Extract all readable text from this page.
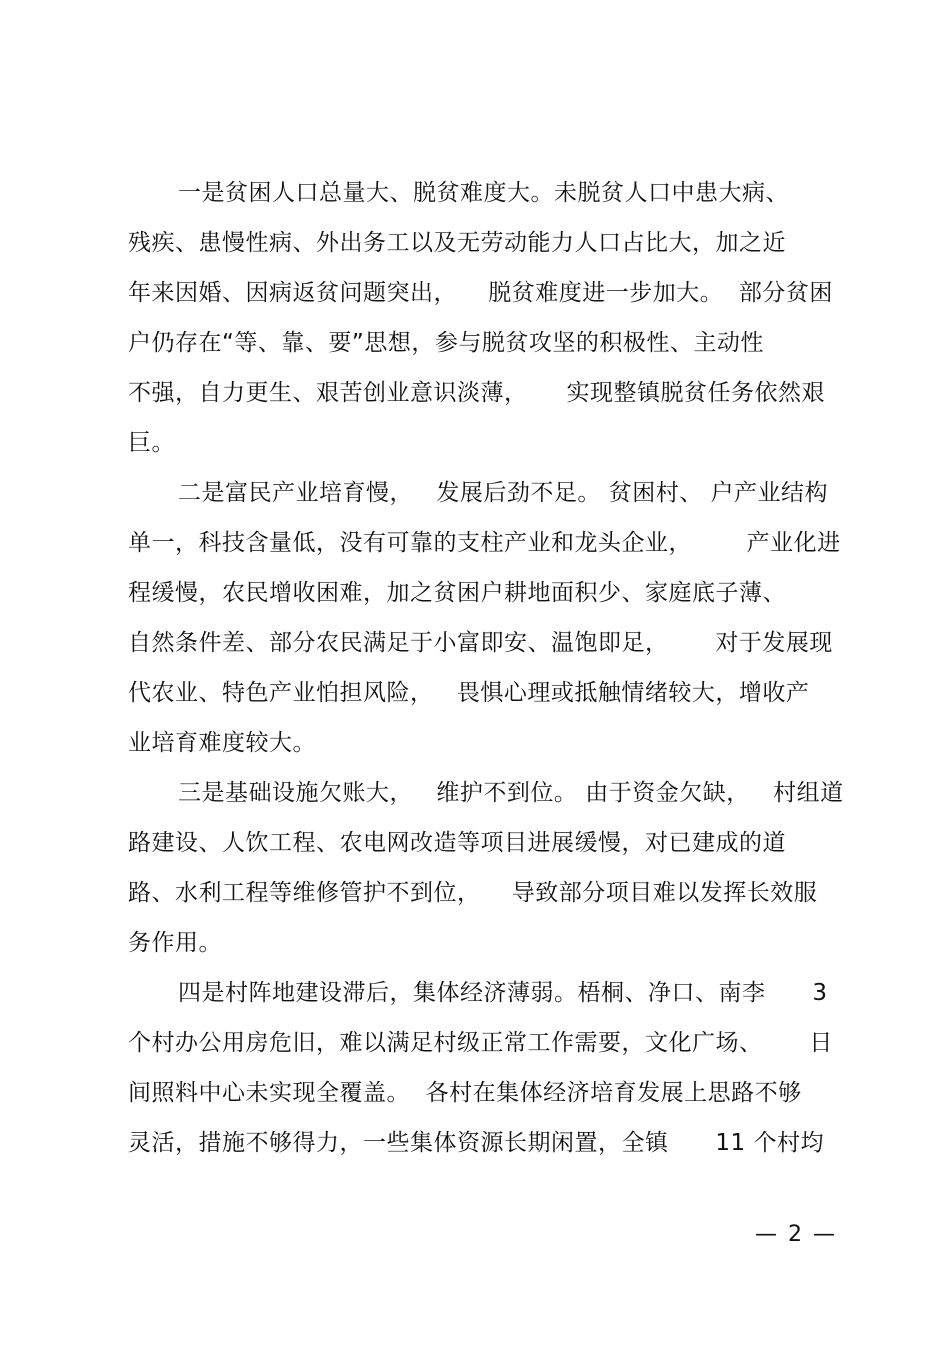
一是贫困人口总量大、脱贫难度大。未脱贫人口中患大病、
残疾、患慢性病、外出务工以及无劳动能力人口占比大，加之近
年来因婚、因病返贫问题突出，    脱贫难度进一步加大。  部分贫困
户仍存在“等、靠、要”思想，参与脱贫攻坚的积极性、主动性
不强，自力更生、艰苦创业意识淡薄，     实现整镇脱贫任务依然艰
巨。
二是富民产业培育慢，   发展后劲不足。 贫困村、 户产业结构
单一，科技含量低，没有可靠的支柱产业和龙头企业，       产业化进
程缓慢，农民增收困难，加之贫困户耕地面积少、家庭底子薄、
自然条件差、部分农民满足于小富即安、温饱即足，      对于发展现
代农业、特色产业怕担风险，   畏惧心理或抵触情绪较大，增收产
业培育难度较大。
三是基础设施欠账大，   维护不到位。 由于资金欠缺，   村组道
路建设、人饮工程、农电网改造等项目进展缓慢，对已建成的道
路、水利工程等维修管护不到位，    导致部分项目难以发挥长效服
务作用。
四是村阵地建设滞后，集体经济薄弱。梧桐、净口、南李      3
个村办公用房危旧，难以满足村级正常工作需要，文化广场、      日
间照料中心未实现全覆盖。  各村在集体经济培育发展上思路不够
灵活，措施不够得力，一些集体资源长期闲置，全镇      11 个村均
— 2 —
